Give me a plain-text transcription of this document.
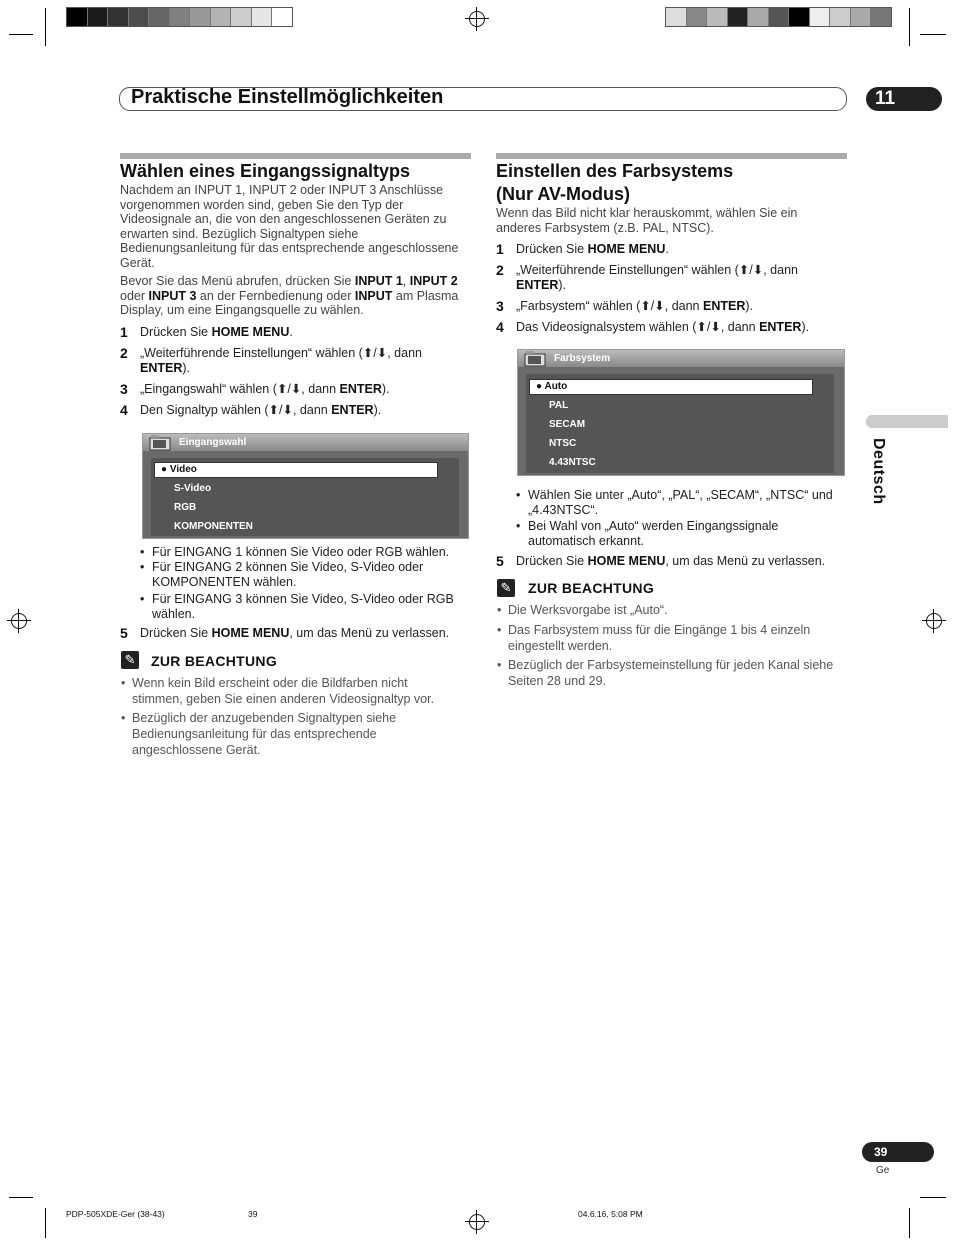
Praktische Einstellmöglichkeiten	11
Wählen eines Eingangssignaltyps
Nachdem an INPUT 1, INPUT 2 oder INPUT 3 Anschlüsse vorgenommen worden sind, geben Sie den Typ der Videosignale an, die von den angeschlossenen Geräten zu erwarten sind. Bezüglich Signaltypen siehe Bedienungsanleitung für das entsprechende angeschlossene Gerät.
Bevor Sie das Menü abrufen, drücken Sie INPUT 1, INPUT 2 oder INPUT 3 an der Fernbedienung oder INPUT am Plasma Display, um eine Eingangsquelle zu wählen.
1 Drücken Sie HOME MENU.
2 „Weiterführende Einstellungen“ wählen (⬆/⬇, dann ENTER).
3 „Eingangswahl“ wählen (⬆/⬇, dann ENTER).
4 Den Signaltyp wählen (⬆/⬇, dann ENTER).
Eingangswahl
● Video
S-Video
RGB
KOMPONENTEN
• Für EINGANG 1 können Sie Video oder RGB wählen.
• Für EINGANG 2 können Sie Video, S-Video oder KOMPONENTEN wählen.
• Für EINGANG 3 können Sie Video, S-Video oder RGB wählen.
5 Drücken Sie HOME MENU, um das Menü zu verlassen.
✎ ZUR BEACHTUNG
• Wenn kein Bild erscheint oder die Bildfarben nicht stimmen, geben Sie einen anderen Videosignaltyp vor.
• Bezüglich der anzugebenden Signaltypen siehe Bedienungsanleitung für das entsprechende angeschlossene Gerät.
Einstellen des Farbsystems
(Nur AV-Modus)
Wenn das Bild nicht klar herauskommt, wählen Sie ein anderes Farbsystem (z.B. PAL, NTSC).
1 Drücken Sie HOME MENU.
2 „Weiterführende Einstellungen“ wählen (⬆/⬇, dann ENTER).
3 „Farbsystem“ wählen (⬆/⬇, dann ENTER).
4 Das Videosignalsystem wählen (⬆/⬇, dann ENTER).
Farbsystem
● Auto
PAL
SECAM
NTSC
4.43NTSC
• Wählen Sie unter „Auto“, „PAL“, „SECAM“, „NTSC“ und „4.43NTSC“.
• Bei Wahl von „Auto“ werden Eingangssignale automatisch erkannt.
5 Drücken Sie HOME MENU, um das Menü zu verlassen.
✎ ZUR BEACHTUNG
• Die Werksvorgabe ist „Auto“.
• Das Farbsystem muss für die Eingänge 1 bis 4 einzeln eingestellt werden.
• Bezüglich der Farbsystemeinstellung für jeden Kanal siehe Seiten 28 und 29.
Deutsch
39
Ge
PDP-505XDE-Ger (38-43)	39	04.6.16, 5:08 PM
